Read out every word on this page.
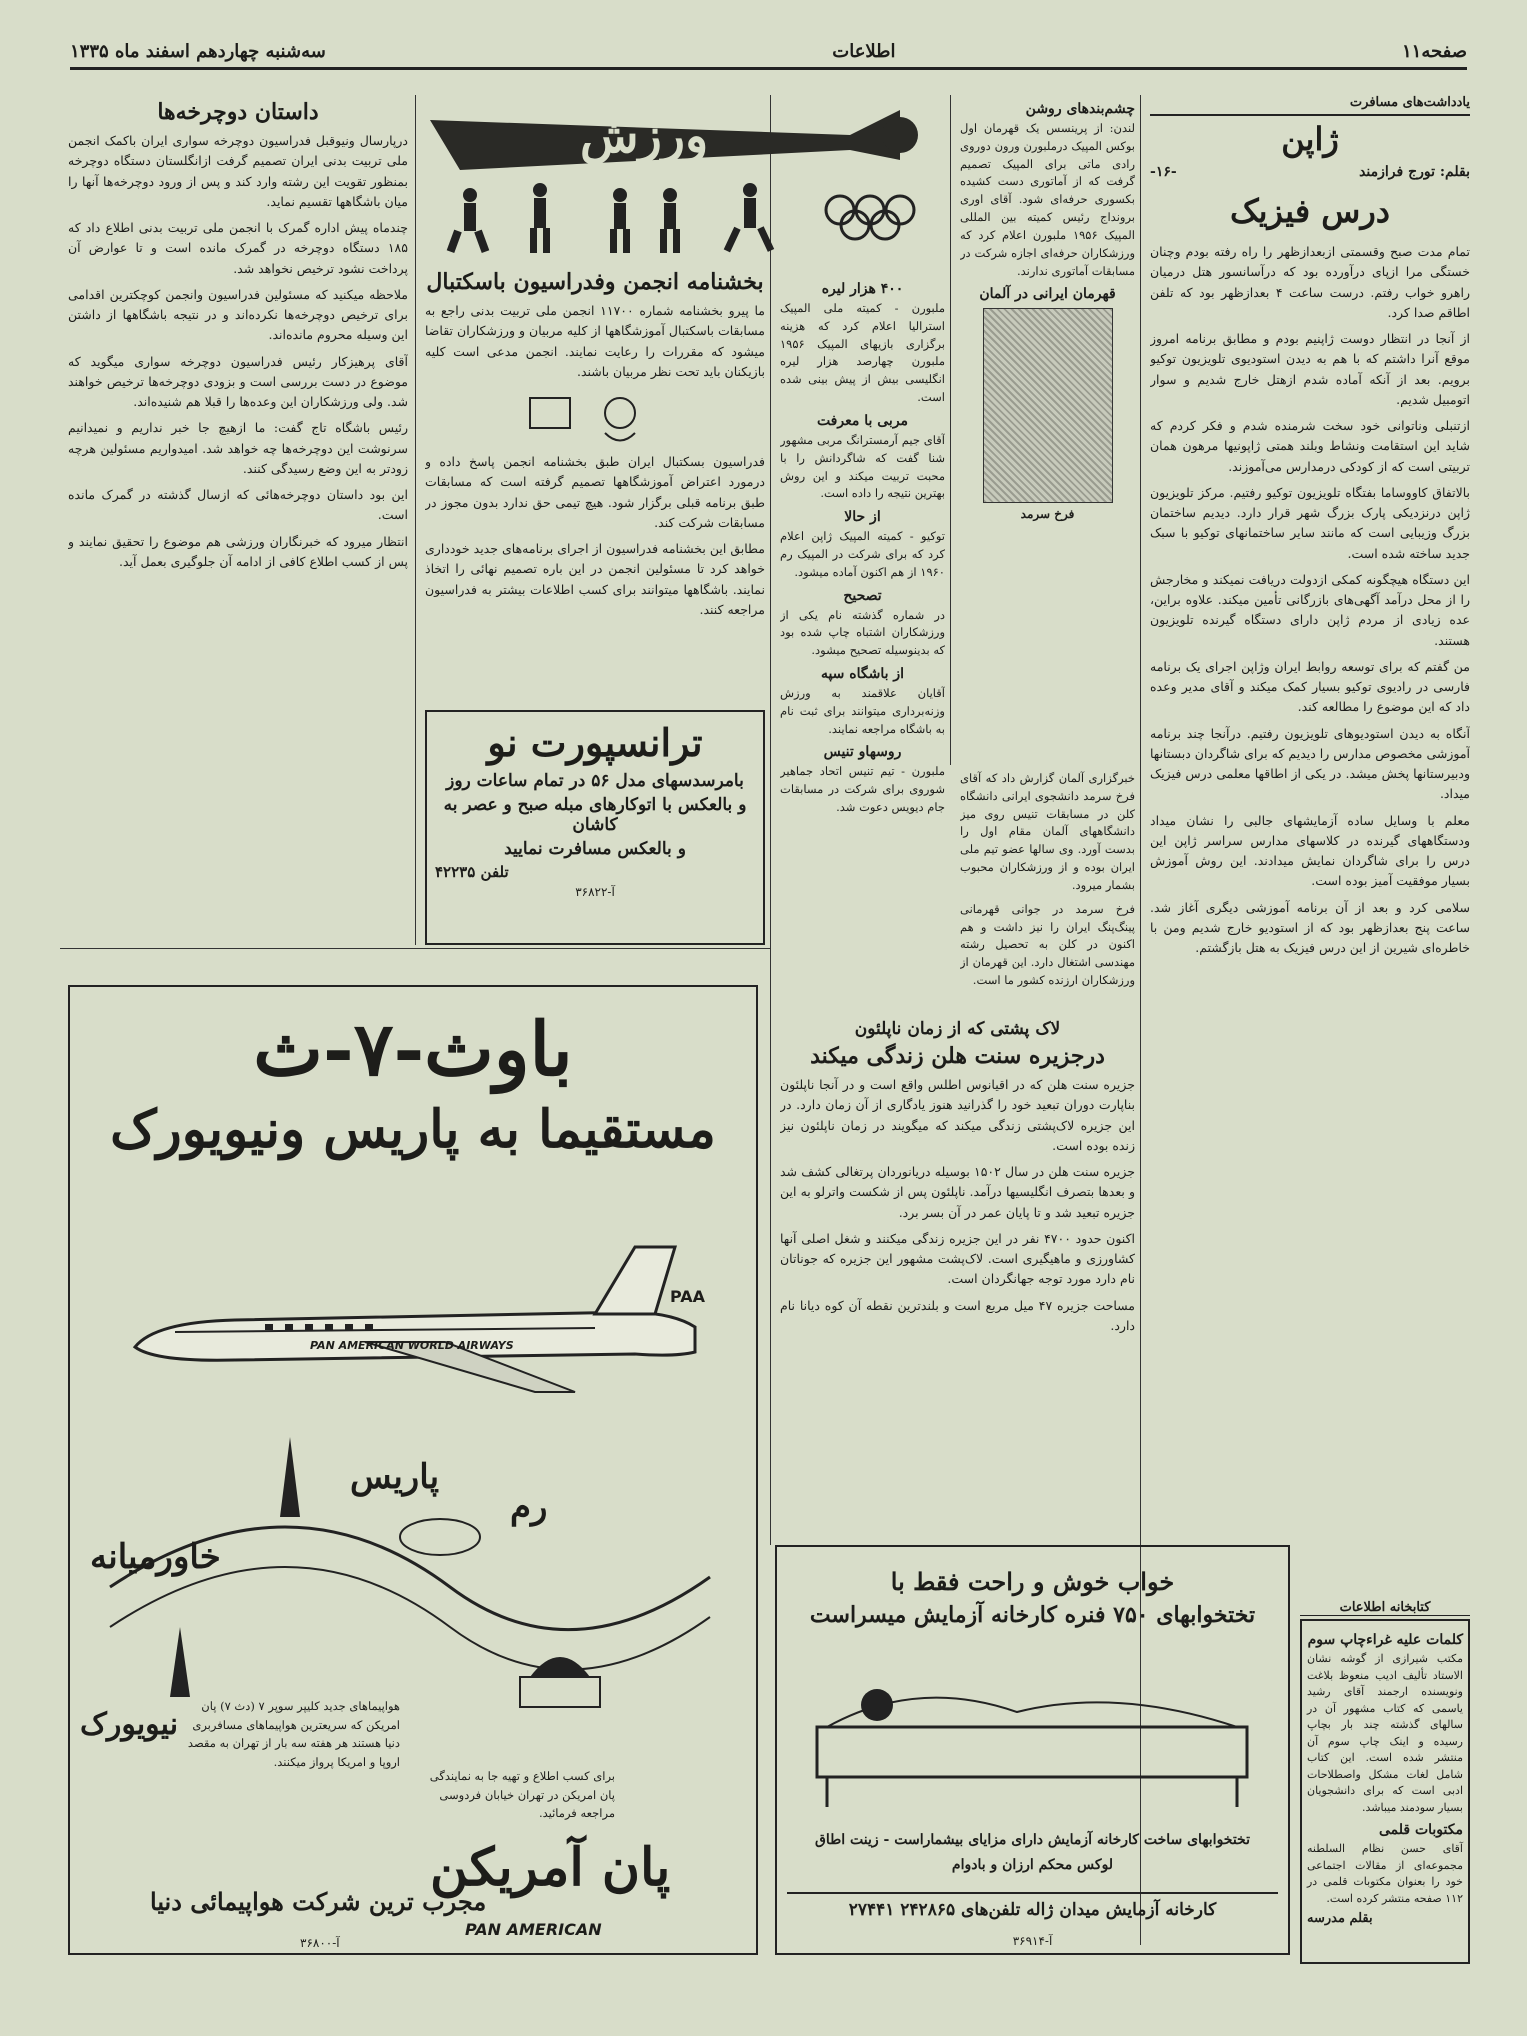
صفحه۱۱
اطلاعات
سه‌شنبه چهاردهم اسفند ماه ۱۳۳۵
یادداشت‌های مسافرت
ژاپن
بقلم: تورج فرازمند
-۱۶-
درس فیزیک

تمام مدت صبح وقسمتی ازبعدازظهر را راه رفته بودم وچنان خستگی مرا ازپای درآورده بود که درآسانسور هتل درمیان راهرو خواب رفتم. درست ساعت ۴ بعدازظهر بود که تلفن اطاقم صدا کرد.

از آنجا در انتظار دوست ژاپنیم بودم و مطابق برنامه امروز موقع آنرا داشتم که با هم به دیدن استودیوی تلویزیون توکیو برویم. بعد از آنکه آماده شدم ازهتل خارج شدیم و سوار اتومبیل شدیم.

ازتنبلی وناتوانی خود سخت شرمنده شدم و فکر کردم که شاید این استقامت ونشاط وبلند همتی ژاپونیها مرهون همان تربیتی است که از کودکی درمدارس می‌آموزند.

بالاتفاق کاووساما بفتگاه تلویزیون توکیو رفتیم. مرکز تلویزیون ژاپن درنزدیکی پارک بزرگ شهر قرار دارد. دیدیم ساختمان بزرگ وزیبایی است که مانند سایر ساختمانهای توکیو با سبک جدید ساخته شده است.

این دستگاه هیچگونه کمکی ازدولت دریافت نمیکند و مخارجش را از محل درآمد آگهی‌های بازرگانی تأمین میکند. علاوه براین، عده زیادی از مردم ژاپن دارای دستگاه گیرنده تلویزیون هستند.

من گفتم که برای توسعه روابط ایران وژاپن اجرای یک برنامه فارسی در رادیوی توکیو بسیار کمک میکند و آقای مدیر وعده داد که این موضوع را مطالعه کند.

آنگاه به دیدن استودیوهای تلویزیون رفتیم. درآنجا چند برنامه آموزشی مخصوص مدارس را دیدیم که برای شاگردان دبستانها ودبیرستانها پخش میشد. در یکی از اطاقها معلمی درس فیزیک میداد.

معلم با وسایل ساده آزمایشهای جالبی را نشان میداد ودستگاههای گیرنده در کلاسهای مدارس سراسر ژاپن این درس را برای شاگردان نمایش میدادند. این روش آموزش بسیار موفقیت آمیز بوده است.

سلامی کرد و بعد از آن برنامه آموزشی دیگری آغاز شد. ساعت پنج بعدازظهر بود که از استودیو خارج شدیم ومن با خاطره‌ای شیرین از این درس فیزیک به هتل بازگشتم.

کتابخانه اطلاعات
کلمات علیه غراءچاپ سوم
مکتب شیرازی از گوشه نشان الاستاد تألیف ادیب منعوظ بلاغت ونویسنده ارجمند آقای رشید یاسمی که کتاب مشهور آن در سالهای گذشته چند بار بچاپ رسیده و اینک چاپ سوم آن منتشر شده است. این کتاب شامل لغات مشکل واصطلاحات ادبی است که برای دانشجویان بسیار سودمند میباشد.
مکتوبات قلمی
آقای حسن نظام السلطنه مجموعه‌ای از مقالات اجتماعی خود را بعنوان مکتوبات قلمی در ۱۱۲ صفحه منتشر کرده است.
بقلم مدرسه
ورزش	چشم‌بندهای روشن
لندن: از پرینسس یک قهرمان اول بوکس المپیک درملبورن ورون دوروی رادی ماتی برای المپیک تصمیم گرفت که از آماتوری دست کشیده بکسوری حرفه‌ای شود. آقای اوری برونداج رئیس کمیته بین المللی المپیک ۱۹۵۶ ملبورن اعلام کرد که ورزشکاران حرفه‌ای اجازه شرکت در مسابقات آماتوری ندارند.
قهرمان ایرانی در آلمان
فرخ سرمد
۴۰۰ هزار لیره
ملبورن - کمیته ملی المپیک استرالیا اعلام کرد که هزینه برگزاری بازیهای المپیک ۱۹۵۶ ملبورن چهارصد هزار لیره انگلیسی بیش از پیش بینی شده است.
مربی با معرفت
آقای جیم آرمسترانگ مربی مشهور شنا گفت که شاگردانش را با محبت تربیت میکند و این روش بهترین نتیجه را داده است.
از حالا
توکیو - کمیته المپیک ژاپن اعلام کرد که برای شرکت در المپیک رم ۱۹۶۰ از هم اکنون آماده میشود.
تصحیح
در شماره گذشته نام یکی از ورزشکاران اشتباه چاپ شده بود که بدینوسیله تصحیح میشود.
از باشگاه سپه
آقایان علاقمند به ورزش وزنه‌برداری میتوانند برای ثبت نام به باشگاه مراجعه نمایند.
روسهاو تنیس
ملبورن - تیم تنیس اتحاد جماهیر شوروی برای شرکت در مسابقات جام دیویس دعوت شد.
خبرگزاری آلمان گزارش داد که آقای فرخ سرمد دانشجوی ایرانی دانشگاه کلن در مسابقات تنیس روی میز دانشگاههای آلمان مقام اول را بدست آورد. وی سالها عضو تیم ملی ایران بوده و از ورزشکاران محبوب بشمار میرود.
فرخ سرمد در جوانی قهرمانی پینگ‌پنگ ایران را نیز داشت و هم اکنون در کلن به تحصیل رشته مهندسی اشتغال دارد. این قهرمان از ورزشکاران ارزنده کشور ما است.
بخشنامه انجمن وفدراسیون باسکتبال

ما پیرو بخشنامه شماره ۱۱۷۰۰ انجمن ملی تربیت بدنی راجع به مسابقات باسکتبال آموزشگاهها از کلیه مربیان و ورزشکاران تقاضا میشود که مقررات را رعایت نمایند. انجمن مدعی است کلیه بازیکنان باید تحت نظر مربیان باشند.

فدراسیون بسکتبال ایران طبق بخشنامه انجمن پاسخ داده و درمورد اعتراض آموزشگاهها تصمیم گرفته است که مسابقات طبق برنامه قبلی برگزار شود. هیچ تیمی حق ندارد بدون مجوز در مسابقات شرکت کند.

مطابق این بخشنامه فدراسیون از اجرای برنامه‌های جدید خودداری خواهد کرد تا مسئولین انجمن در این باره تصمیم نهائی را اتخاذ نمایند. باشگاهها میتوانند برای کسب اطلاعات بیشتر به فدراسیون مراجعه کنند.

داستان دوچرخه‌ها

درپارسال ونیوقبل فدراسیون دوچرخه سواری ایران باکمک انجمن ملی تربیت بدنی ایران تصمیم گرفت ازانگلستان دستگاه دوچرخه بمنظور تقویت این رشته وارد کند و پس از ورود دوچرخه‌ها آنها را میان باشگاهها تقسیم نماید.

چندماه پیش اداره گمرک با انجمن ملی تربیت بدنی اطلاع داد که ۱۸۵ دستگاه دوچرخه در گمرک مانده است و تا عوارض آن پرداخت نشود ترخیص نخواهد شد.

ملاحظه میکنید که مسئولین فدراسیون وانجمن کوچکترین اقدامی برای ترخیص دوچرخه‌ها نکرده‌اند و در نتیجه باشگاهها از داشتن این وسیله محروم مانده‌اند.

آقای پرهیزکار رئیس فدراسیون دوچرخه سواری میگوید که موضوع در دست بررسی است و بزودی دوچرخه‌ها ترخیص خواهند شد. ولی ورزشکاران این وعده‌ها را قبلا هم شنیده‌اند.

رئیس باشگاه تاج گفت: ما ازهیچ جا خبر نداریم و نمیدانیم سرنوشت این دوچرخه‌ها چه خواهد شد. امیدواریم مسئولین هرچه زودتر به این وضع رسیدگی کنند.

این بود داستان دوچرخه‌هائی که ازسال گذشته در گمرک مانده است.

انتظار میرود که خبرنگاران ورزشی هم موضوع را تحقیق نمایند و پس از کسب اطلاع کافی از ادامه آن جلوگیری بعمل آید.

ترانسپورت نو
بامرسدسهای مدل ۵۶ در تمام ساعات روز
و بالعکس با اتوکارهای مبله صبح و عصر به کاشان
و بالعکس مسافرت نمایید
تلفن ۴۲۲۳۵
آ-۳۶۸۲۲
لاک پشتی که از زمان ناپلئون
درجزیره سنت هلن زندگی میکند

جزیره سنت هلن که در اقیانوس اطلس واقع است و در آنجا ناپلئون بناپارت دوران تبعید خود را گذرانید هنوز یادگاری از آن زمان دارد. در این جزیره لاک‌پشتی زندگی میکند که میگویند در زمان ناپلئون نیز زنده بوده است.

جزیره سنت هلن در سال ۱۵۰۲ بوسیله دریانوردان پرتغالی کشف شد و بعدها بتصرف انگلیسیها درآمد. ناپلئون پس از شکست واترلو به این جزیره تبعید شد و تا پایان عمر در آن بسر برد.

اکنون حدود ۴۷۰۰ نفر در این جزیره زندگی میکنند و شغل اصلی آنها کشاورزی و ماهیگیری است. لاک‌پشت مشهور این جزیره که جوناتان نام دارد مورد توجه جهانگردان است.

مساحت جزیره ۴۷ میل مربع است و بلندترین نقطه آن کوه دیانا نام دارد.

باوث-۷-ث
مستقیما به پاریس ونیویورک
PAN AMERICAN WORLD AIRWAYS
PAA
پاریس
رم
خاورمیانه
نیویورک
هواپیماهای جدید کلیپر سوپر ۷ (دث ۷) پان امریکن که سریعترین هواپیماهای مسافربری دنیا هستند هر هفته سه بار از تهران به مقصد اروپا و امریکا پرواز میکنند.
برای کسب اطلاع و تهیه جا به نمایندگی پان امریکن در تهران خیابان فردوسی مراجعه فرمائید.
پان آمریکن
PAN AMERICAN
مجرب ترین شرکت هواپیمائی دنیا
آ-۳۶۸۰۰
خواب خوش و راحت فقط با
تختخوابهای ۷۵۰ فنره کارخانه آزمایش میسراست
تختخوابهای ساخت کارخانه آزمایش دارای مزایای بیشماراست - زینت اطاق
لوکس محکم ارزان و بادوام
کارخانه آزمایش میدان ژاله تلفن‌های ۲۴۲۸۶۵ ۲۷۴۴۱
آ-۳۶۹۱۴
